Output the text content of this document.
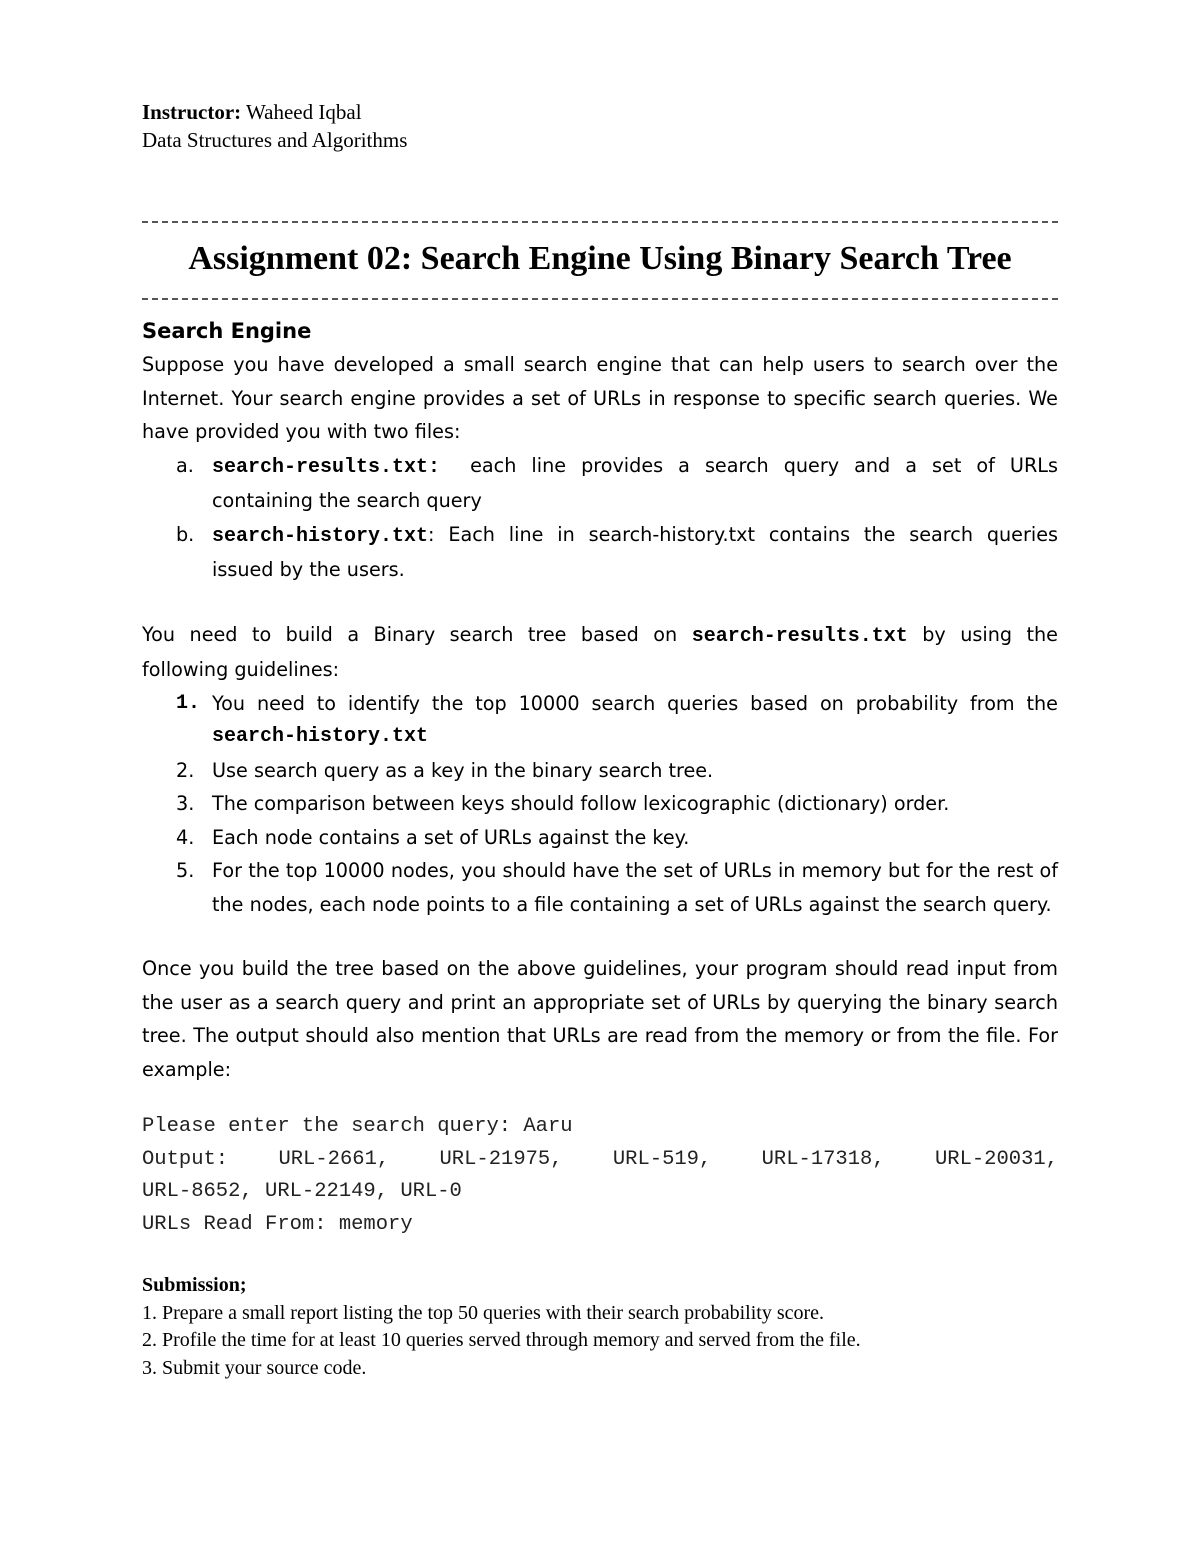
Instructor: Waheed Iqbal
Data Structures and Algorithms
Assignment 02: Search Engine Using Binary Search Tree
Search Engine
Suppose you have developed a small search engine that can help users to search over the
Internet. Your search engine provides a set of URLs in response to specific search queries. We
have provided you with two files:
a. search-results.txt: each line provides a search query and a set of URLs
containing the search query
b. search-history.txt: Each line in search-history.txt contains the search queries
issued by the users.
You need to build a Binary search tree based on search-results.txt by using the
following guidelines:
1. You need to identify the top 10000 search queries based on probability from the
search-history.txt
2. Use search query as a key in the binary search tree.
3. The comparison between keys should follow lexicographic (dictionary) order.
4. Each node contains a set of URLs against the key.
5. For the top 10000 nodes, you should have the set of URLs in memory but for the rest of
the nodes, each node points to a file containing a set of URLs against the search query.
Once you build the tree based on the above guidelines, your program should read input from
the user as a search query and print an appropriate set of URLs by querying the binary search
tree. The output should also mention that URLs are read from the memory or from the file. For
example:
Please enter the search query: Aaru
Output: URL-2661, URL-21975, URL-519, URL-17318, URL-20031,
URL-8652, URL-22149, URL-0
URLs Read From: memory
Submission;
1. Prepare a small report listing the top 50 queries with their search probability score.
2. Profile the time for at least 10 queries served through memory and served from the file.
3. Submit your source code.
